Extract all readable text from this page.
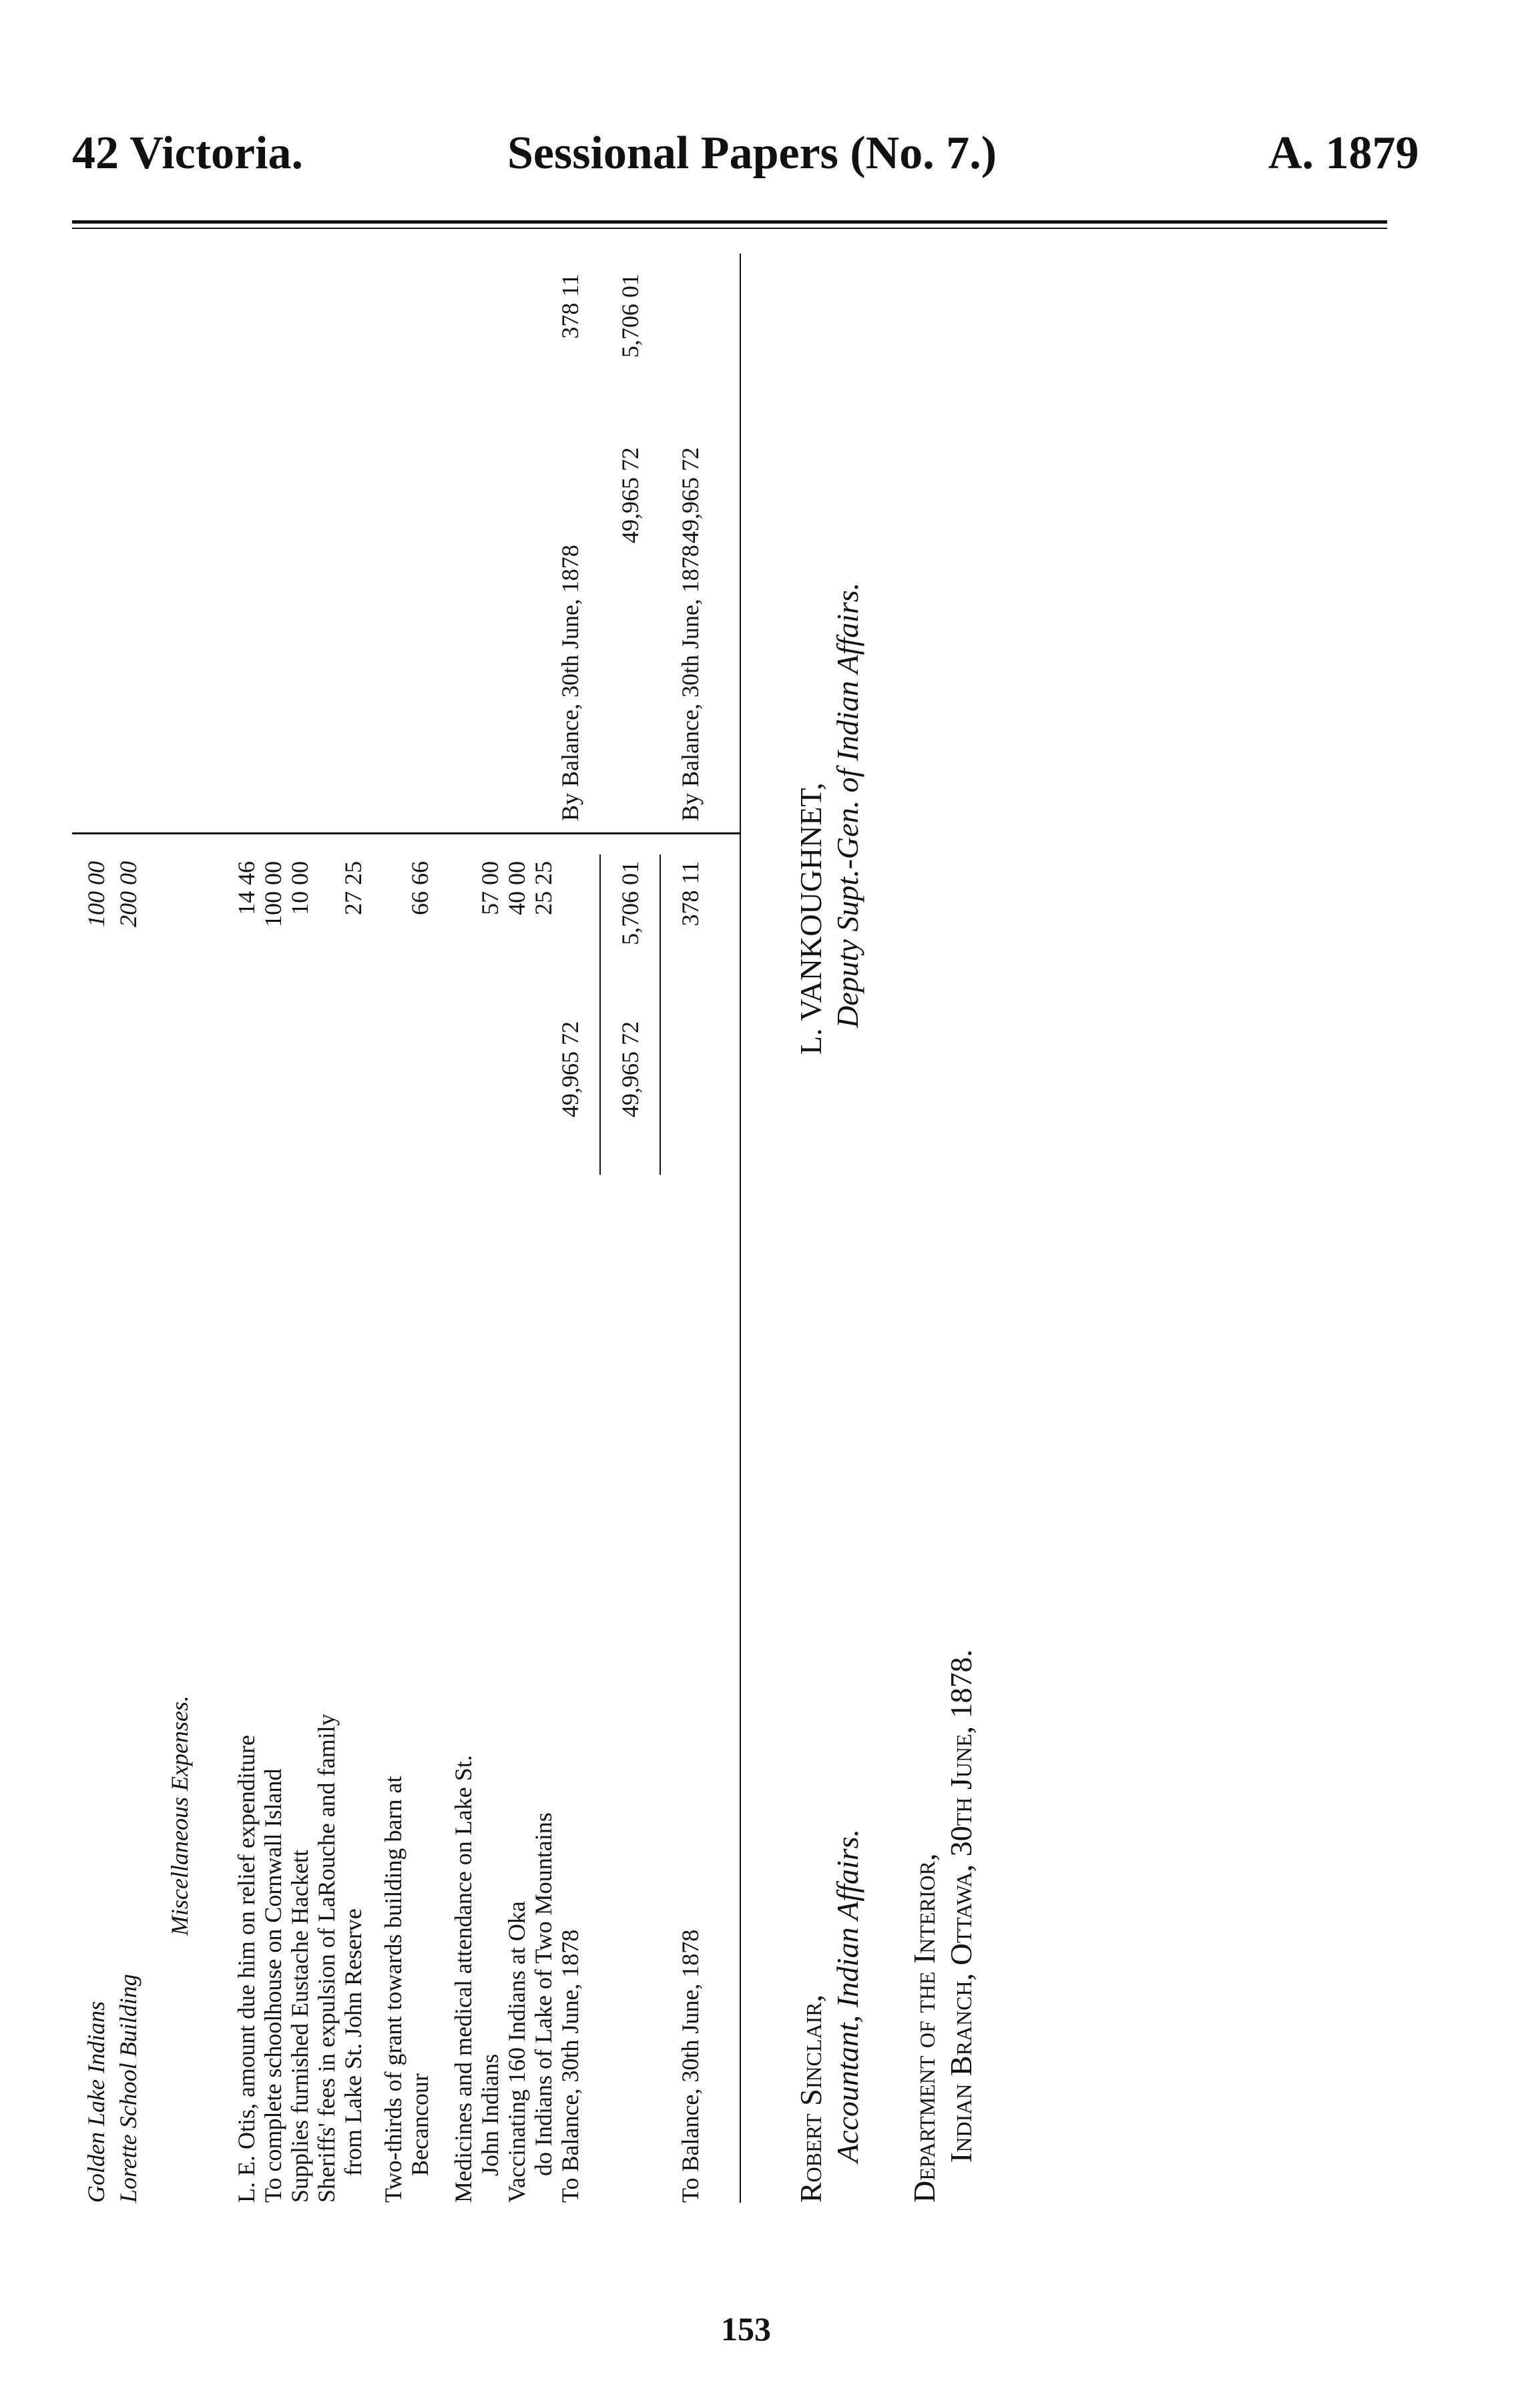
42 Victoria.	Sessional Papers (No. 7.)	A. 1879
Golden Lake Indians
100 00
Lorette School Building
200 00
Miscellaneous Expenses. L. E. Otis, amount due him on relief expenditure
14 46
To complete schoolhouse on Cornwall Island
100 00
Supplies furnished Eustache Hackett
10 00
Sheriffs' fees in expulsion of LaRouche and family from Lake St. John Reserve
27 25
Two-thirds of grant towards building barn at Becancour
66 66
Medicines and medical attendance on Lake St. John Indians
57 00
Vaccinating 160 Indians at Oka
40 00
do Indians of Lake of Two Mountains
25 25
To Balance, 30th June, 1878
49,965 72 49,965 72
5,706 01
To Balance, 30th June, 1878
378 11
By Balance, 30th June, 1878
378 11
49,965 72
5,706 01
By Balance, 30th June, 1878
49,965 72
Robert Sinclair, Accountant, Indian Affairs.
L. VANKOUGHNET, Deputy Supt.-Gen. of Indian Affairs.
Department of the Interior, Indian Branch, Ottawa, 30th June, 1878.
153
